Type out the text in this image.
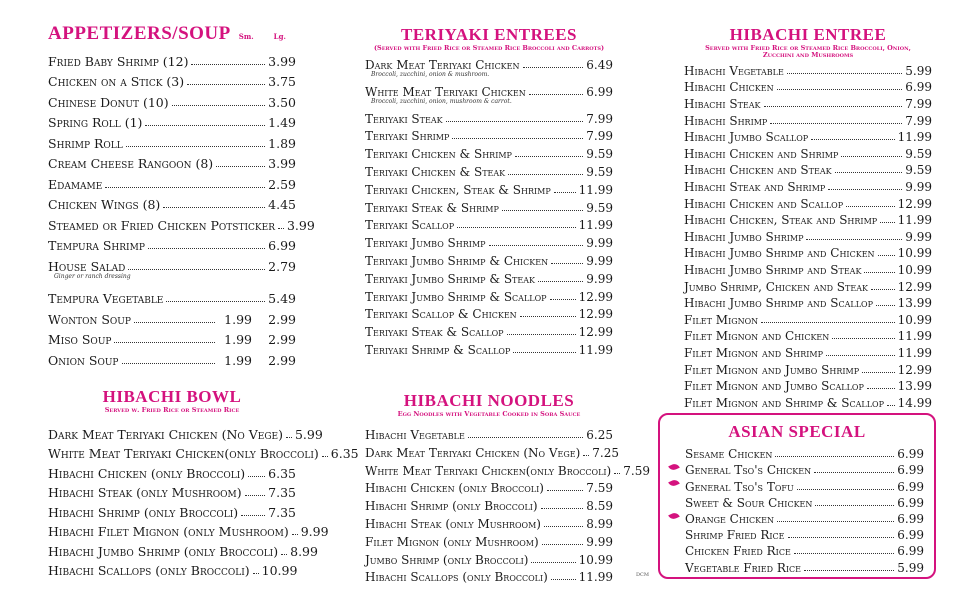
APPETIZERS/SOUP Sm.	Lg.
Fried Baby Shrimp (12)	3.99
Chicken on a Stick (3)	3.75
Chinese Donut (10)	3.50
Spring Roll (1)	1.49
Shrimp Roll	1.89
Cream Cheese Rangoon (8)	3.99
Edamame	2.59
Chicken Wings (8)	4.45
Steamed or Fried Chicken Potsticker 3.99
Tempura Shrimp	6.99
House Salad	2.79
Ginger or ranch dressing
Tempura Vegetable	5.49
Wonton Soup	1.99	2.99
Miso Soup	1.99	2.99
Onion Soup	1.99	2.99
HIBACHI BOWL
Served w. Fried Rice or Steamed Rice
Dark Meat Teriyaki Chicken (No Vege) 5.99
White Meat Teriyaki Chicken(only Broccoli) 6.35
Hibachi Chicken (only Broccoli) 6.35
Hibachi Steak (only Mushroom) 7.35
Hibachi Shrimp (only Broccoli) 7.35
Hibachi Filet Mignon (only Mushroom) 9.99
Hibachi Jumbo Shrimp (only Broccoli) 8.99
Hibachi Scallops (only Broccoli) 10.99
TERIYAKI ENTREES
(Served with Fried Rice or Steamed Rice Broccoli and Carrots)
Dark Meat Teriyaki Chicken	6.49
Broccoli, zucchini, onion & mushroom.
White Meat Teriyaki Chicken	6.99
Broccoli, zucchini, onion, mushroom & carrot.
Teriyaki Steak	7.99
Teriyaki Shrimp	7.99
Teriyaki Chicken & Shrimp	9.59
Teriyaki Chicken & Steak	9.59
Teriyaki Chicken, Steak & Shrimp 11.99
Teriyaki Steak & Shrimp	9.59
Teriyaki Scallop	11.99
Teriyaki Jumbo Shrimp	9.99
Teriyaki Jumbo Shrimp & Chicken	9.99
Teriyaki Jumbo Shrimp & Steak	9.99
Teriyaki Jumbo Shrimp & Scallop	12.99
Teriyaki Scallop & Chicken	12.99
Teriyaki Steak & Scallop	12.99
Teriyaki Shrimp & Scallop	11.99
HIBACHI NOODLES
Egg Noodles with Vegetable Cooked in Soba Sauce
Hibachi Vegetable	6.25
Dark Meat Teriyaki Chicken (No Vege) 7.25
White Meat Teriyaki Chicken(only Broccoli) 7.59
Hibachi Chicken (only Broccoli)	7.59
Hibachi Shrimp (only Broccoli)	8.59
Hibachi Steak (only Mushroom)	8.99
Filet Mignon (only Mushroom)	9.99
Jumbo Shrimp (only Broccoli)	10.99
Hibachi Scallops (only Broccoli)	11.99	DCM
HIBACHI ENTREE
Served with Fried Rice or Steamed Rice Broccoli, Onion, Zucchini and Mushrooms
Hibachi Vegetable	5.99
Hibachi Chicken	6.99
Hibachi Steak	7.99
Hibachi Shrimp	7.99
Hibachi Jumbo Scallop	11.99
Hibachi Chicken and Shrimp	9.59
Hibachi Chicken and Steak	9.59
Hibachi Steak and Shrimp	9.99
Hibachi Chicken and Scallop	12.99
Hibachi Chicken, Steak and Shrimp 11.99
Hibachi Jumbo Shrimp	9.99
Hibachi Jumbo Shrimp and Chicken 10.99
Hibachi Jumbo Shrimp and Steak	10.99
Jumbo Shrimp, Chicken and Steak 12.99
Hibachi Jumbo Shrimp and Scallop 13.99
Filet Mignon	10.99
Filet Mignon and Chicken	11.99
Filet Mignon and Shrimp	11.99
Filet Mignon and Jumbo Shrimp	12.99
Filet Mignon and Jumbo Scallop	13.99
Filet Mignon and Shrimp & Scallop 14.99
ASIAN SPECIAL
Sesame Chicken	6.99
General Tso's Chicken	6.99
General Tso's Tofu	6.99
Sweet & Sour Chicken	6.99
Orange Chicken	6.99
Shrimp Fried Rice	6.99
Chicken Fried Rice	6.99
Vegetable Fried Rice	5.99
